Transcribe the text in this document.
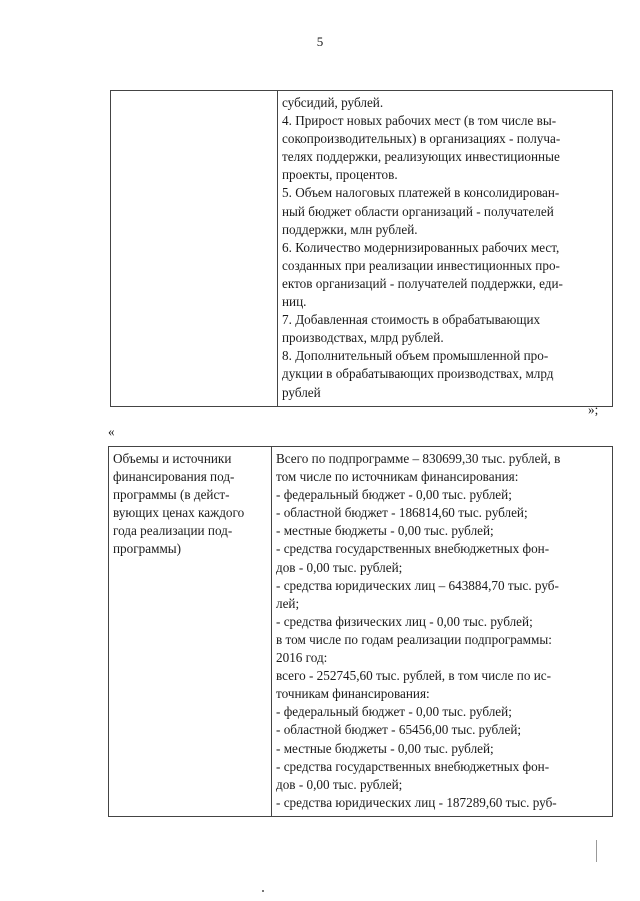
5

субсидий, рублей.
4. Прирост новых рабочих мест (в том числе вы-
сокопроизводительных) в организациях - получа-
телях поддержки, реализующих инвестиционные
проекты, процентов.
5. Объем налоговых платежей в консолидирован-
ный бюджет области организаций - получателей
поддержки, млн рублей.
6. Количество модернизированных рабочих мест,
созданных при реализации инвестиционных про-
ектов организаций - получателей поддержки, еди-
ниц.
7. Добавленная стоимость в обрабатывающих
производствах, млрд рублей.
8. Дополнительный объем промышленной про-
дукции в обрабатывающих производствах, млрд
рублей
»;
«
Объемы и источники
финансирования под-
программы (в дейст-
вующих ценах каждого
года реализации под-
программы)

Всего по подпрограмме – 830699,30 тыс. рублей, в
том числе по источникам финансирования:
- федеральный бюджет - 0,00 тыс. рублей;
- областной бюджет - 186814,60 тыс. рублей;
- местные бюджеты - 0,00 тыс. рублей;
- средства государственных внебюджетных фон-
дов - 0,00 тыс. рублей;
- средства юридических лиц – 643884,70 тыс. руб-
лей;
- средства физических лиц - 0,00 тыс. рублей;
в том числе по годам реализации подпрограммы:
2016 год:
всего - 252745,60 тыс. рублей, в том числе по ис-
точникам финансирования:
- федеральный бюджет - 0,00 тыс. рублей;
- областной бюджет - 65456,00 тыс. рублей;
- местные бюджеты - 0,00 тыс. рублей;
- средства государственных внебюджетных фон-
дов - 0,00 тыс. рублей;
- средства юридических лиц - 187289,60 тыс. руб-
